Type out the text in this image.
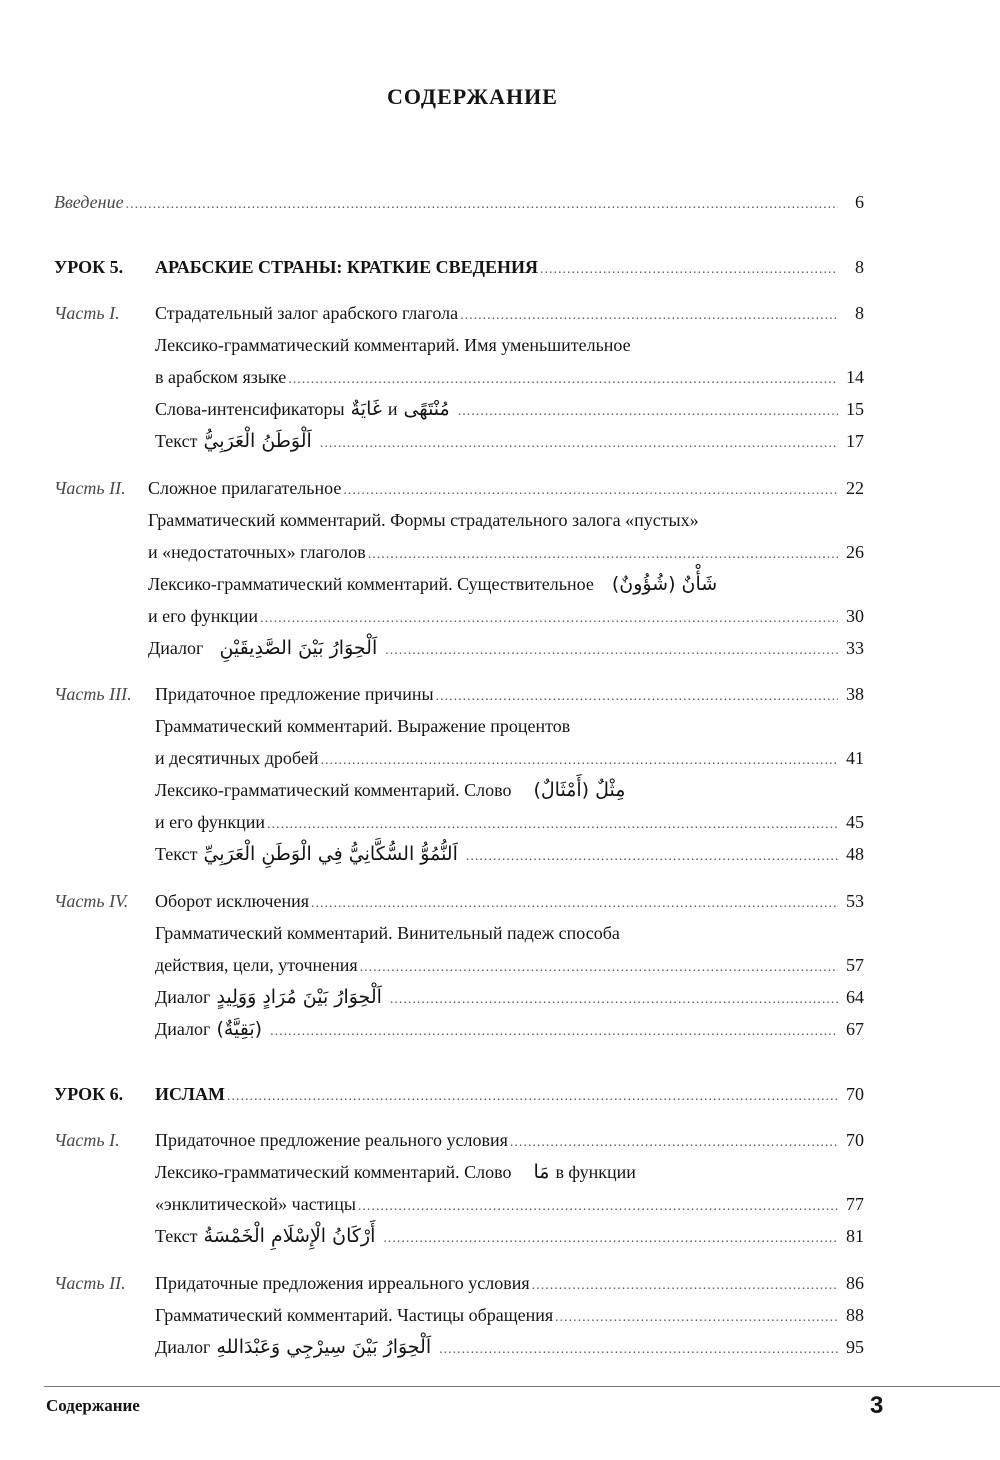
СОДЕРЖАНИЕ
Введение .....	6
УРОК 5.	АРАБСКИЕ СТРАНЫ: КРАТКИЕ СВЕДЕНИЯ .....	8
Часть I.	Страдательный залог арабского глагола .....	8
Лексико-грамматический комментарий. Имя уменьшительное
в арабском языке .....	14
Слова-интенсификаторы غَايَةٌ и مُنْتَهًى .....	15
Текст اَلْوَطَنُ الْعَرَبِيُّ .....	17
Часть II.	Сложное прилагательное .....	22
Грамматический комментарий. Формы страдательного залога «пустых»
и «недостаточных» глаголов .....	26
Лексико-грамматический комментарий. Существительное شَأْنٌ (شُؤُونٌ)
и его функции .....	30
Диалог اَلْحِوَارُ بَيْنَ الصَّدِيقَيْنِ .....	33
Часть III.	Придаточное предложение причины .....	38
Грамматический комментарий. Выражение процентов
и десятичных дробей .....	41
Лексико-грамматический комментарий. Слово مِثْلٌ (أَمْثَالٌ)
и его функции .....	45
Текст اَلنُّمُوُّ السُّكَّانِيُّ فِي الْوَطَنِ الْعَرَبِيِّ .....	48
Часть IV.	Оборот исключения .....	53
Грамматический комментарий. Винительный падеж способа
действия, цели, уточнения .....	57
Диалог اَلْحِوَارُ بَيْنَ مُرَادٍ وَوَلِيدٍ .....	64
Диалог (بَقِيَّةٌ) .....	67
УРОК 6.	ИСЛАМ .....	70
Часть I.	Придаточное предложение реального условия .....	70
Лексико-грамматический комментарий. Слово مَا в функции
«энклитической» частицы .....	77
Текст أَرْكَانُ الْإِسْلَامِ الْخَمْسَةُ .....	81
Часть II.	Придаточные предложения ирреального условия .....	86
Грамматический комментарий. Частицы обращения .....	88
Диалог اَلْحِوَارُ بَيْنَ سِيرْجِي وَعَبْدَاللهِ .....	95
Содержание	3
